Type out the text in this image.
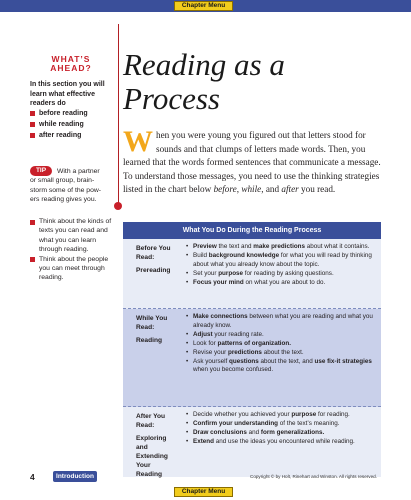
Chapter Menu
WHAT’S
AHEAD?
In this section you will learn what effective readers do
before reading
while reading
after reading
With a partner
or small group, brain-
storm some of the pow-
ers reading gives you.
TIP
Think about the kinds of texts you can read and what you can learn through reading.
Think about the people you can meet through reading.
Reading as a
Process
When you were young you figured out that letters stood for sounds and that clumps of letters made words. Then, you learned that the words formed sentences that communicate a message. To understand those messages, you need to use the thinking strategies listed in the chart below before, while, and after you read.
What You Do During the Reading Process
Before You Read:
Prereading
• Preview the text and make predictions about what it contains.
• Build background knowledge for what you will read by thinking about what you already know about the topic.
• Set your purpose for reading by asking questions.
• Focus your mind on what you are about to do.
While You Read:
Reading
• Make connections between what you are reading and what you already know.
• Adjust your reading rate.
• Look for patterns of organization.
• Revise your predictions about the text.
• Ask yourself questions about the text, and use fix-it strategies when you become confused.
After You Read:
Exploring and Extending Your Reading
• Decide whether you achieved your purpose for reading.
• Confirm your understanding of the text’s meaning.
• Draw conclusions and form generalizations.
• Extend and use the ideas you encountered while reading.
4	Introduction	Copyright © by Holt, Rinehart and Winston. All rights reserved.
Chapter Menu
